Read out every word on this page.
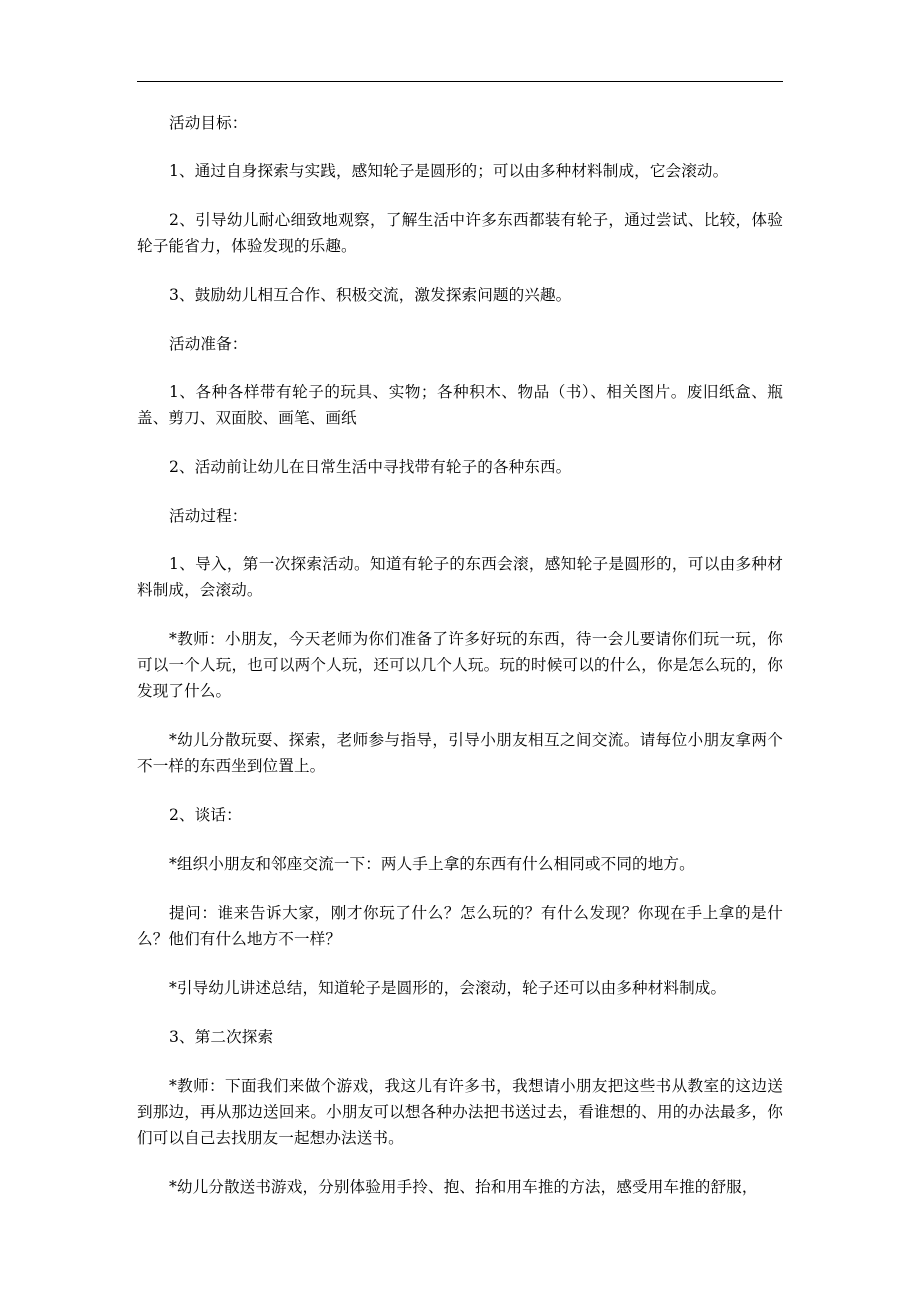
活动目标：

1、通过自身探索与实践，感知轮子是圆形的；可以由多种材料制成，它会滚动。

2、引导幼儿耐心细致地观察，了解生活中许多东西都装有轮子，通过尝试、比较，体验轮子能省力，体验发现的乐趣。

3、鼓励幼儿相互合作、积极交流，激发探索问题的兴趣。

活动准备：

1、各种各样带有轮子的玩具、实物；各种积木、物品（书）、相关图片。废旧纸盒、瓶盖、剪刀、双面胶、画笔、画纸

2、活动前让幼儿在日常生活中寻找带有轮子的各种东西。

活动过程：

1、导入，第一次探索活动。知道有轮子的东西会滚，感知轮子是圆形的，可以由多种材料制成，会滚动。

*教师：小朋友，今天老师为你们准备了许多好玩的东西，待一会儿要请你们玩一玩，你可以一个人玩，也可以两个人玩，还可以几个人玩。玩的时候可以的什么，你是怎么玩的，你发现了什么。

*幼儿分散玩耍、探索，老师参与指导，引导小朋友相互之间交流。请每位小朋友拿两个不一样的东西坐到位置上。

2、谈话：

*组织小朋友和邻座交流一下：两人手上拿的东西有什么相同或不同的地方。

提问：谁来告诉大家，刚才你玩了什么？怎么玩的？有什么发现？你现在手上拿的是什么？他们有什么地方不一样？

*引导幼儿讲述总结，知道轮子是圆形的，会滚动，轮子还可以由多种材料制成。

3、第二次探索

*教师：下面我们来做个游戏，我这儿有许多书，我想请小朋友把这些书从教室的这边送到那边，再从那边送回来。小朋友可以想各种办法把书送过去，看谁想的、用的办法最多，你们可以自己去找朋友一起想办法送书。

*幼儿分散送书游戏，分别体验用手拎、抱、抬和用车推的方法，感受用车推的舒服，
